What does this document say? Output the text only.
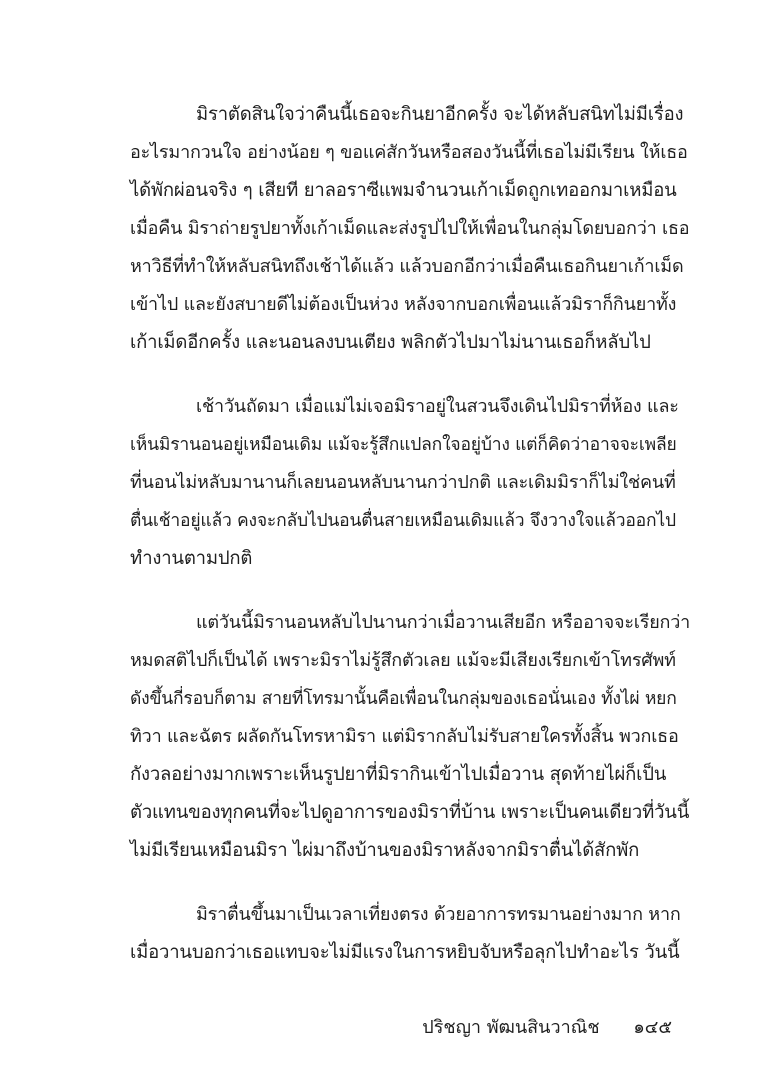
มิราตัดสินใจว่าคืนนี้เธอจะกินยาอีกครั้ง จะได้หลับสนิทไม่มีเรื่อง
อะไรมากวนใจ อย่างน้อย ๆ ขอแค่สักวันหรือสองวันนี้ที่เธอไม่มีเรียน ให้เธอ
ได้พักผ่อนจริง ๆ เสียที ยาลอราซีแพมจำนวนเก้าเม็ดถูกเทออกมาเหมือน
เมื่อคืน มิราถ่ายรูปยาทั้งเก้าเม็ดและส่งรูปไปให้เพื่อนในกลุ่มโดยบอกว่า เธอ
หาวิธีที่ทำให้หลับสนิทถึงเช้าได้แล้ว แล้วบอกอีกว่าเมื่อคืนเธอกินยาเก้าเม็ด
เข้าไป และยังสบายดีไม่ต้องเป็นห่วง หลังจากบอกเพื่อนแล้วมิราก็กินยาทั้ง
เก้าเม็ดอีกครั้ง และนอนลงบนเตียง พลิกตัวไปมาไม่นานเธอก็หลับไป
เช้าวันถัดมา เมื่อแม่ไม่เจอมิราอยู่ในสวนจึงเดินไปมิราที่ห้อง และ
เห็นมิรานอนอยู่เหมือนเดิม แม้จะรู้สึกแปลกใจอยู่บ้าง แต่ก็คิดว่าอาจจะเพลีย
ที่นอนไม่หลับมานานก็เลยนอนหลับนานกว่าปกติ และเดิมมิราก็ไม่ใช่คนที่
ตื่นเช้าอยู่แล้ว คงจะกลับไปนอนตื่นสายเหมือนเดิมแล้ว จึงวางใจแล้วออกไป
ทำงานตามปกติ
แต่วันนี้มิรานอนหลับไปนานกว่าเมื่อวานเสียอีก หรืออาจจะเรียกว่า
หมดสติไปก็เป็นได้ เพราะมิราไม่รู้สึกตัวเลย แม้จะมีเสียงเรียกเข้าโทรศัพท์
ดังขึ้นกี่รอบก็ตาม สายที่โทรมานั้นคือเพื่อนในกลุ่มของเธอนั่นเอง ทั้งไผ่ หยก
ทิวา และฉัตร ผลัดกันโทรหามิรา แต่มิรากลับไม่รับสายใครทั้งสิ้น พวกเธอ
กังวลอย่างมากเพราะเห็นรูปยาที่มิรากินเข้าไปเมื่อวาน สุดท้ายไผ่ก็เป็น
ตัวแทนของทุกคนที่จะไปดูอาการของมิราที่บ้าน เพราะเป็นคนเดียวที่วันนี้
ไม่มีเรียนเหมือนมิรา ไผ่มาถึงบ้านของมิราหลังจากมิราตื่นได้สักพัก
มิราตื่นขึ้นมาเป็นเวลาเที่ยงตรง ด้วยอาการทรมานอย่างมาก หาก
เมื่อวานบอกว่าเธอแทบจะไม่มีแรงในการหยิบจับหรือลุกไปทำอะไร วันนี้
ปริชญา พัฒนสินวาณิช ๑๔๕
